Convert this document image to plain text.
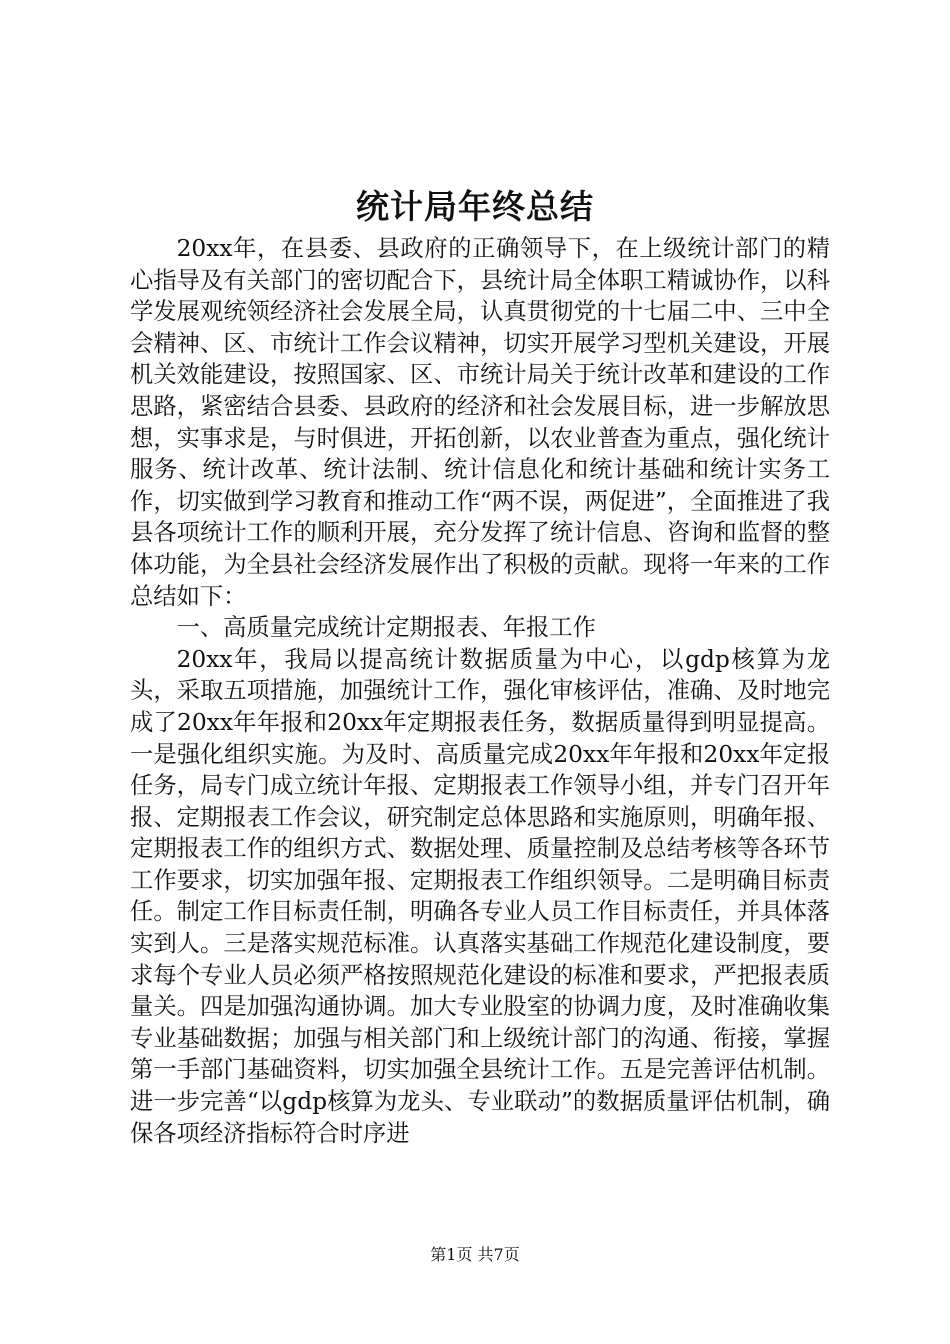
统计局年终总结

20xx年，在县委、县政府的正确领导下，在上级统计部门的精心指导及有关部门的密切配合下，县统计局全体职工精诚协作，以科学发展观统领经济社会发展全局，认真贯彻党的十七届二中、三中全会精神、区、市统计工作会议精神，切实开展学习型机关建设，开展机关效能建设，按照国家、区、市统计局关于统计改革和建设的工作思路，紧密结合县委、县政府的经济和社会发展目标，进一步解放思想，实事求是，与时俱进，开拓创新，以农业普查为重点，强化统计服务、统计改革、统计法制、统计信息化和统计基础和统计实务工作，切实做到学习教育和推动工作“两不误，两促进”，全面推进了我县各项统计工作的顺利开展，充分发挥了统计信息、咨询和监督的整体功能，为全县社会经济发展作出了积极的贡献。现将一年来的工作总结如下：

一、高质量完成统计定期报表、年报工作

20xx年，我局以提高统计数据质量为中心，以gdp核算为龙头，采取五项措施，加强统计工作，强化审核评估，准确、及时地完成了20xx年年报和20xx年定期报表任务，数据质量得到明显提高。一是强化组织实施。为及时、高质量完成20xx年年报和20xx年定报任务，局专门成立统计年报、定期报表工作领导小组，并专门召开年报、定期报表工作会议，研究制定总体思路和实施原则，明确年报、定期报表工作的组织方式、数据处理、质量控制及总结考核等各环节工作要求，切实加强年报、定期报表工作组织领导。二是明确目标责任。制定工作目标责任制，明确各专业人员工作目标责任，并具体落实到人。三是落实规范标准。认真落实基础工作规范化建设制度，要求每个专业人员必须严格按照规范化建设的标准和要求，严把报表质量关。四是加强沟通协调。加大专业股室的协调力度，及时准确收集专业基础数据；加强与相关部门和上级统计部门的沟通、衔接，掌握第一手部门基础资料，切实加强全县统计工作。五是完善评估机制。进一步完善“以gdp核算为龙头、专业联动”的数据质量评估机制，确保各项经济指标符合时序进

第1页 共7页
